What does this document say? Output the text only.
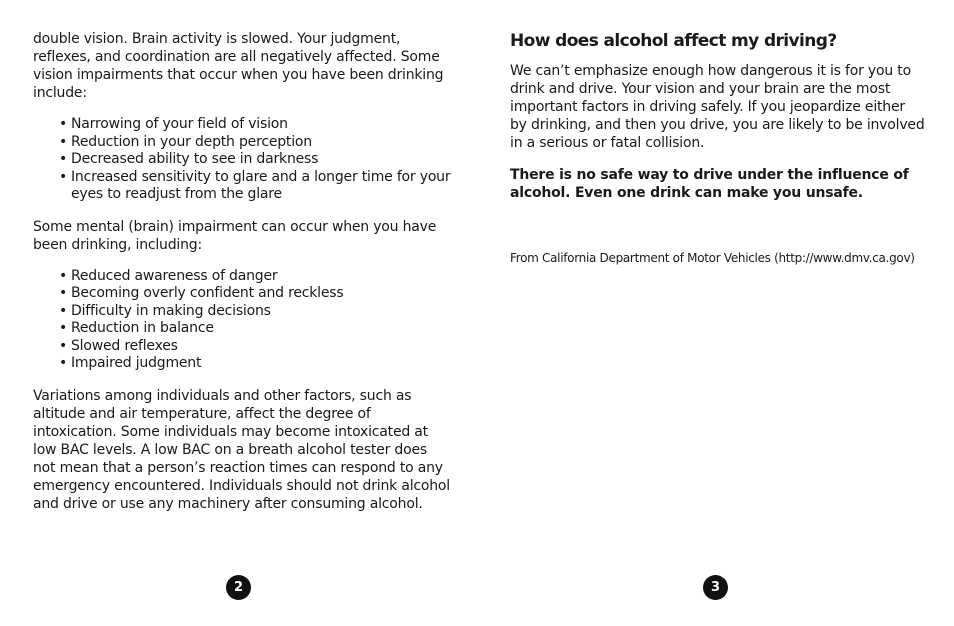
double vision. Brain activity is slowed. Your judgment, reflexes, and coordination are all negatively affected. Some vision impairments that occur when you have been drinking include:

• Narrowing of your field of vision
• Reduction in your depth perception
• Decreased ability to see in darkness
• Increased sensitivity to glare and a longer time for your eyes to readjust from the glare

Some mental (brain) impairment can occur when you have been drinking, including:

• Reduced awareness of danger
• Becoming overly confident and reckless
• Difficulty in making decisions
• Reduction in balance
• Slowed reflexes
• Impaired judgment

Variations among individuals and other factors, such as altitude and air temperature, affect the degree of intoxication. Some individuals may become intoxicated at low BAC levels. A low BAC on a breath alcohol tester does not mean that a person’s reaction times can respond to any emergency encountered. Individuals should not drink alcohol and drive or use any machinery after consuming alcohol.

2
How does alcohol affect my driving?

We can’t emphasize enough how dangerous it is for you to drink and drive. Your vision and your brain are the most important factors in driving safely. If you jeopardize either by drinking, and then you drive, you are likely to be involved in a serious or fatal collision.

There is no safe way to drive under the influence of alcohol. Even one drink can make you unsafe.

From California Department of Motor Vehicles (http://www.dmv.ca.gov)
3
